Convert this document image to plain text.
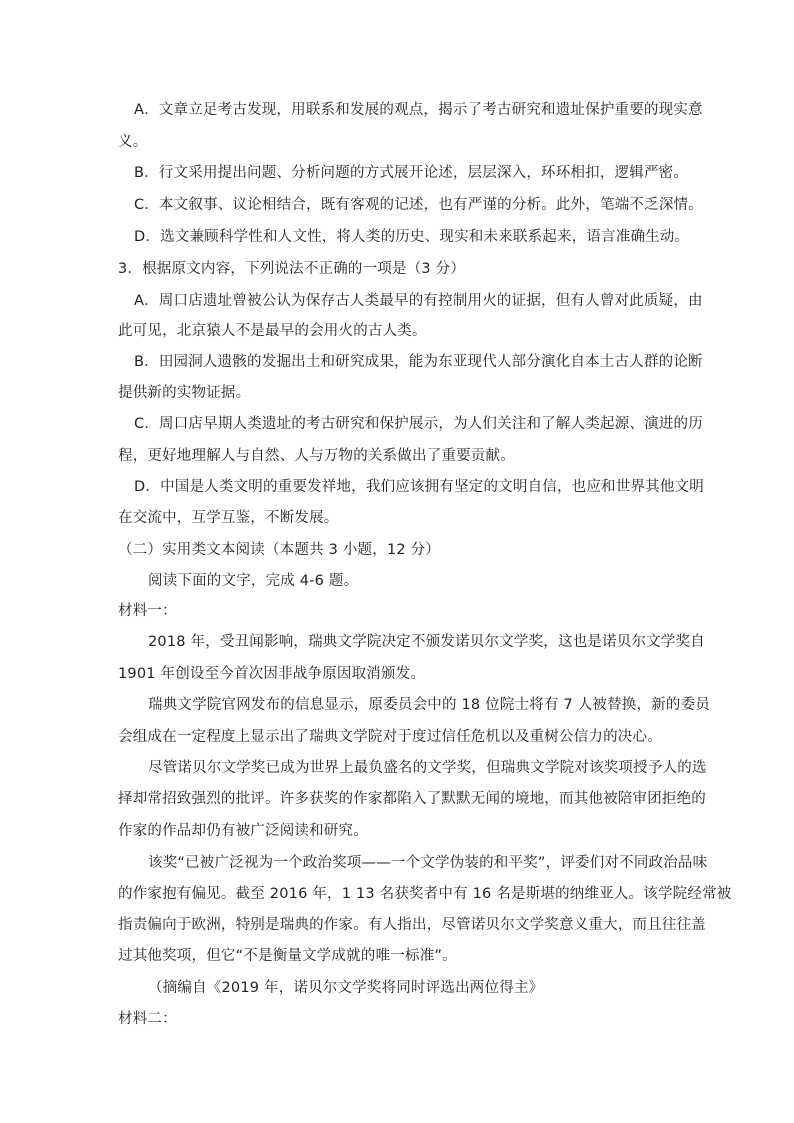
A．文章立足考古发现，用联系和发展的观点，揭示了考古研究和遗址保护重要的现实意
义。
B．行文采用提出问题、分析问题的方式展开论述，层层深入，环环相扣，逻辑严密。
C．本文叙事、议论相结合，既有客观的记述，也有严谨的分析。此外，笔端不乏深情。
D．选文兼顾科学性和人文性，将人类的历史、现实和未来联系起来，语言准确生动。
3．根据原文内容，下列说法不正确的一项是（3 分）
A．周口店遗址曾被公认为保存古人类最早的有控制用火的证据，但有人曾对此质疑，由
此可见，北京猿人不是最早的会用火的古人类。
B．田园洞人遗骸的发掘出土和研究成果，能为东亚现代人部分演化自本土古人群的论断
提供新的实物证据。
C．周口店早期人类遗址的考古研究和保护展示，为人们关注和了解人类起源、演进的历
程，更好地理解人与自然、人与万物的关系做出了重要贡献。
D．中国是人类文明的重要发祥地，我们应该拥有坚定的文明自信，也应和世界其他文明
在交流中，互学互鉴，不断发展。
（二）实用类文本阅读（本题共 3 小题，12 分）
阅读下面的文字，完成 4-6 题。
材料一：
2018 年，受丑闻影响，瑞典文学院决定不颁发诺贝尔文学奖，这也是诺贝尔文学奖自
1901 年创设至今首次因非战争原因取消颁发。
瑞典文学院官网发布的信息显示，原委员会中的 18 位院士将有 7 人被替换，新的委员
会组成在一定程度上显示出了瑞典文学院对于度过信任危机以及重树公信力的决心。
尽管诺贝尔文学奖已成为世界上最负盛名的文学奖，但瑞典文学院对该奖项授予人的选
择却常招致强烈的批评。许多获奖的作家都陷入了默默无闻的境地，而其他被陪审团拒绝的
作家的作品却仍有被广泛阅读和研究。
该奖“已被广泛视为一个政治奖项——一个文学伪装的和平奖”，评委们对不同政治品味
的作家抱有偏见。截至 2016 年，1 13 名获奖者中有 16 名是斯堪的纳维亚人。该学院经常被
指责偏向于欧洲，特别是瑞典的作家。有人指出，尽管诺贝尔文学奖意义重大，而且往往盖
过其他奖项，但它“不是衡量文学成就的唯一标准”。
（摘编自《2019 年，诺贝尔文学奖将同时评选出两位得主》
材料二：
